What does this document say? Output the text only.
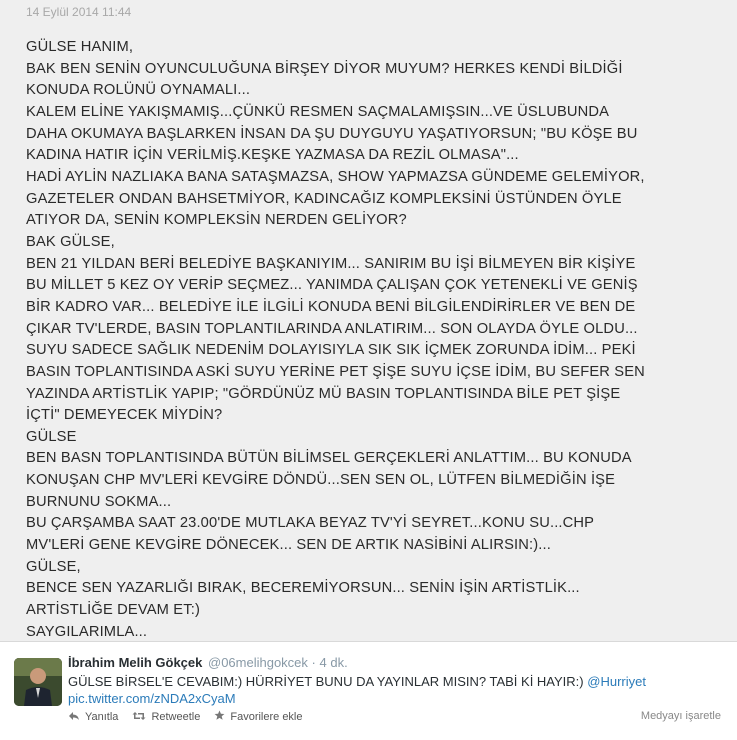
14 Eylül 2014 11:44
GÜLSE HANIM,
BAK BEN SENİN OYUNCULUĞUNA BİRŞEY DİYOR MUYUM? HERKES KENDİ BİLDİĞİ
KONUDA ROLÜNÜ OYNAMALI...
KALEM ELİNE YAKIŞMAMIŞ...ÇÜNKÜ RESMEN SAÇMALAMIŞSIN...VE ÜSLUBUNDA
DAHA OKUMAYA BAŞLARKEN İNSAN DA ŞU DUYGUYU YAŞATIYORSUN; "BU KÖŞE BU
KADINA HATIR İÇİN VERİLMİŞ.KEŞKE YAZMASA DA REZİL OLMASA"...
HADİ AYLİN NAZLIAKA BANA SATAŞMAZSA, SHOW YAPMAZSA GÜNDEME GELEMİYOR,
GAZETELER ONDAN BAHSETMİYOR, KADINCAĞIZ KOMPLEKSİNİ ÜSTÜNDEN ÖYLE
ATIYOR DA, SENİN KOMPLEKSİN NERDEN GELİYOR?
BAK GÜLSE,
BEN 21 YILDAN BERİ BELEDİYE BAŞKANIYIM... SANIRIM BU İŞİ BİLMEYEN BİR KİŞİYE
BU MİLLET 5 KEZ OY VERİP SEÇMEZ... YANIMDA ÇALIŞAN ÇOK YETENEKLİ VE GENİŞ
BİR KADRO VAR... BELEDİYE İLE İLGİLİ KONUDA BENİ BİLGİLENDİRİRLER VE BEN DE
ÇIKAR TV'LERDE, BASIN TOPLANTILARINDA ANLATIRIM... SON OLAYDA ÖYLE OLDU...
SUYU SADECE SAĞLIK NEDENİM DOLAYISIYLA SIK SIK İÇMEK ZORUNDA İDİM... PEKİ
BASIN TOPLANTISINDA ASKİ SUYU YERİNE PET ŞİŞE SUYU İÇSE İDİM, BU SEFER SEN
YAZINDA ARTİSTLİK YAPIP; "GÖRDÜNÜZ MÜ BASIN TOPLANTISINDA BİLE PET ŞİŞE
İÇTİ" DEMEYECEK MİYDİN?
GÜLSE
BEN BASN TOPLANTISINDA BÜTÜN BİLİMSEL GERÇEKLERİ ANLATTIM... BU KONUDA
KONUŞAN CHP MV'LERİ KEVGİRE DÖNDÜ...SEN SEN OL, LÜTFEN BİLMEDİĞİN İŞE
BURNUNU SOKMA...
BU ÇARŞAMBA SAAT 23.00'DE MUTLAKA BEYAZ TV'Yİ SEYRET...KONU SU...CHP
MV'LERİ GENE KEVGİRE DÖNECEK... SEN DE ARTIK NASİBİNİ ALIRSIN:)...
GÜLSE,
BENCE SEN YAZARLIĞI BIRAK, BECEREMİYORSUN... SENİN İŞİN ARTİSTLİK...
ARTİSTLİĞE DEVAM ET:)
SAYGILARIMLA...
İbrahim Melih Gökçek @06melihgokcek · 4 dk.
GÜLSE BİRSEL'E CEVABIM:) HÜRRİYET BUNU DA YAYINLAR MISIN? TABİ Kİ HAYIR:) @Hurriyet
pic.twitter.com/zNDA2xCyaM
Yanıtla	Retweetle	Favorilere ekle	Medyayı işaretle
